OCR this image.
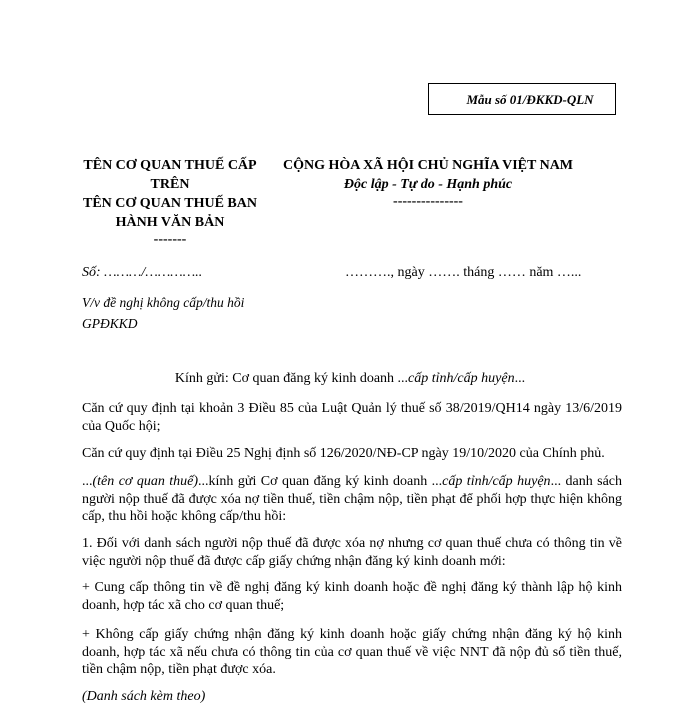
Mẫu số 01/ĐKKD-QLN
TÊN CƠ QUAN THUẾ CẤP TRÊN
TÊN CƠ QUAN THUẾ BAN HÀNH VĂN BẢN
-------
CỘNG HÒA XÃ HỘI CHỦ NGHĨA VIỆT NAM
Độc lập - Tự do - Hạnh phúc
---------------
Số: ………/…………..	………., ngày ……. tháng …… năm …...
V/v đề nghị không cấp/thu hồi GPĐKKD
Kính gửi: Cơ quan đăng ký kinh doanh ...cấp tỉnh/cấp huyện...
Căn cứ quy định tại khoản 3 Điều 85 của Luật Quản lý thuế số 38/2019/QH14 ngày 13/6/2019 của Quốc hội;
Căn cứ quy định tại Điều 25 Nghị định số 126/2020/NĐ-CP ngày 19/10/2020 của Chính phủ.
...(tên cơ quan thuế)...kính gửi Cơ quan đăng ký kinh doanh ...cấp tỉnh/cấp huyện... danh sách người nộp thuế đã được xóa nợ tiền thuế, tiền chậm nộp, tiền phạt để phối hợp thực hiện không cấp, thu hồi hoặc không cấp/thu hồi:
1. Đối với danh sách người nộp thuế đã được xóa nợ nhưng cơ quan thuế chưa có thông tin về việc người nộp thuế đã được cấp giấy chứng nhận đăng ký kinh doanh mới:
+ Cung cấp thông tin về đề nghị đăng ký kinh doanh hoặc đề nghị đăng ký thành lập hộ kinh doanh, hợp tác xã cho cơ quan thuế;
+ Không cấp giấy chứng nhận đăng ký kinh doanh hoặc giấy chứng nhận đăng ký hộ kinh doanh, hợp tác xã nếu chưa có thông tin của cơ quan thuế về việc NNT đã nộp đủ số tiền thuế, tiền chậm nộp, tiền phạt được xóa.
(Danh sách kèm theo)
